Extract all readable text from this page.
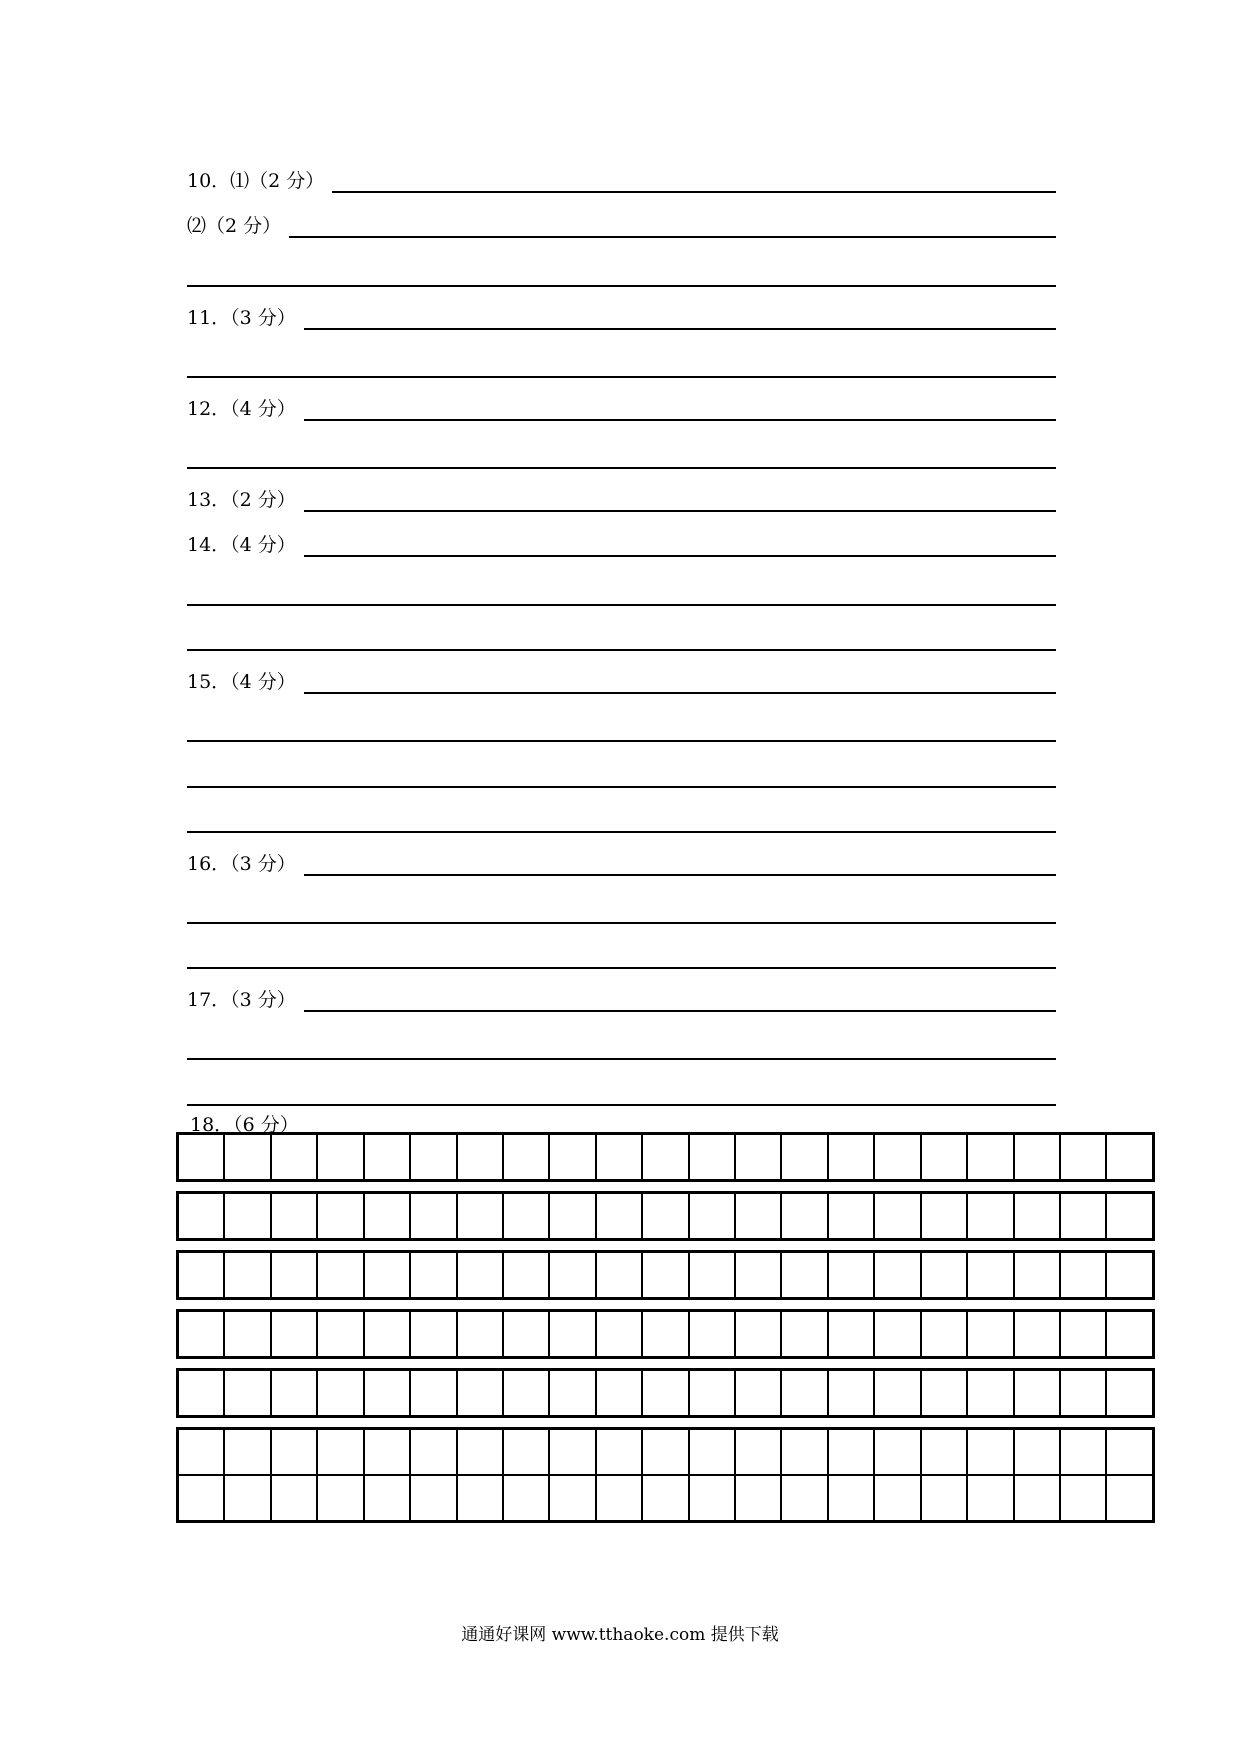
10．⑴（2 分）
⑵（2 分）
11．（3 分）
12．（4 分）
13．（2 分）
14．（4 分）
15．（4 分）
16．（3 分）
17．（3 分）
18．（6 分）
通通好课网 www.tthaoke.com 提供下载
